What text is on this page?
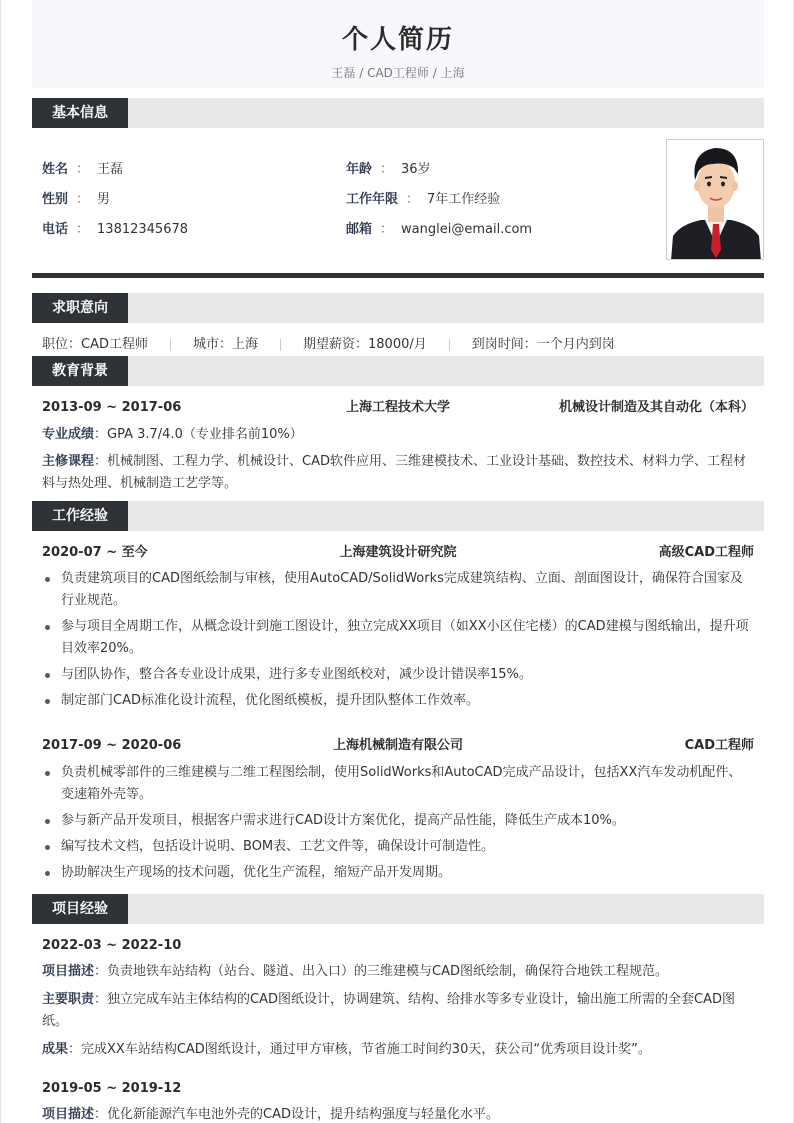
个人简历
王磊 / CAD工程师 / 上海
基本信息
姓名 ： 王磊	年龄 ： 36岁
性别 ： 男	工作年限 ： 7年工作经验
电话 ： 13812345678	邮箱 ： wanglei@email.com
求职意向
职位：CAD工程师	城市：上海	期望薪资：18000/月	到岗时间：一个月内到岗
教育背景
上海工程技术大学
2013-09 ~ 2017-06	机械设计制造及其自动化（本科）
专业成绩：GPA 3.7/4.0（专业排名前10%）
主修课程：机械制图、工程力学、机械设计、CAD软件应用、三维建模技术、工业设计基础、数控技术、材料力学、工程材料与热处理、机械制造工艺学等。
工作经验
上海建筑设计研究院
2020-07 ~ 至今	高级CAD工程师
负责建筑项目的CAD图纸绘制与审核，使用AutoCAD/SolidWorks完成建筑结构、立面、剖面图设计，确保符合国家及行业规范。
参与项目全周期工作，从概念设计到施工图设计，独立完成XX项目（如XX小区住宅楼）的CAD建模与图纸输出，提升项目效率20%。
与团队协作，整合各专业设计成果，进行多专业图纸校对，减少设计错误率15%。
制定部门CAD标准化设计流程，优化图纸模板，提升团队整体工作效率。
上海机械制造有限公司
2017-09 ~ 2020-06	CAD工程师
负责机械零部件的三维建模与二维工程图绘制，使用SolidWorks和AutoCAD完成产品设计，包括XX汽车发动机配件、变速箱外壳等。
参与新产品开发项目，根据客户需求进行CAD设计方案优化，提高产品性能，降低生产成本10%。
编写技术文档，包括设计说明、BOM表、工艺文件等，确保设计可制造性。
协助解决生产现场的技术问题，优化生产流程，缩短产品开发周期。
项目经验
2022-03 ~ 2022-10
项目描述：负责地铁车站结构（站台、隧道、出入口）的三维建模与CAD图纸绘制，确保符合地铁工程规范。
主要职责：独立完成车站主体结构的CAD图纸设计，协调建筑、结构、给排水等多专业设计，输出施工所需的全套CAD图纸。
成果：完成XX车站结构CAD图纸设计，通过甲方审核，节省施工时间约30天，获公司“优秀项目设计奖”。
2019-05 ~ 2019-12
项目描述：优化新能源汽车电池外壳的CAD设计，提升结构强度与轻量化水平。
